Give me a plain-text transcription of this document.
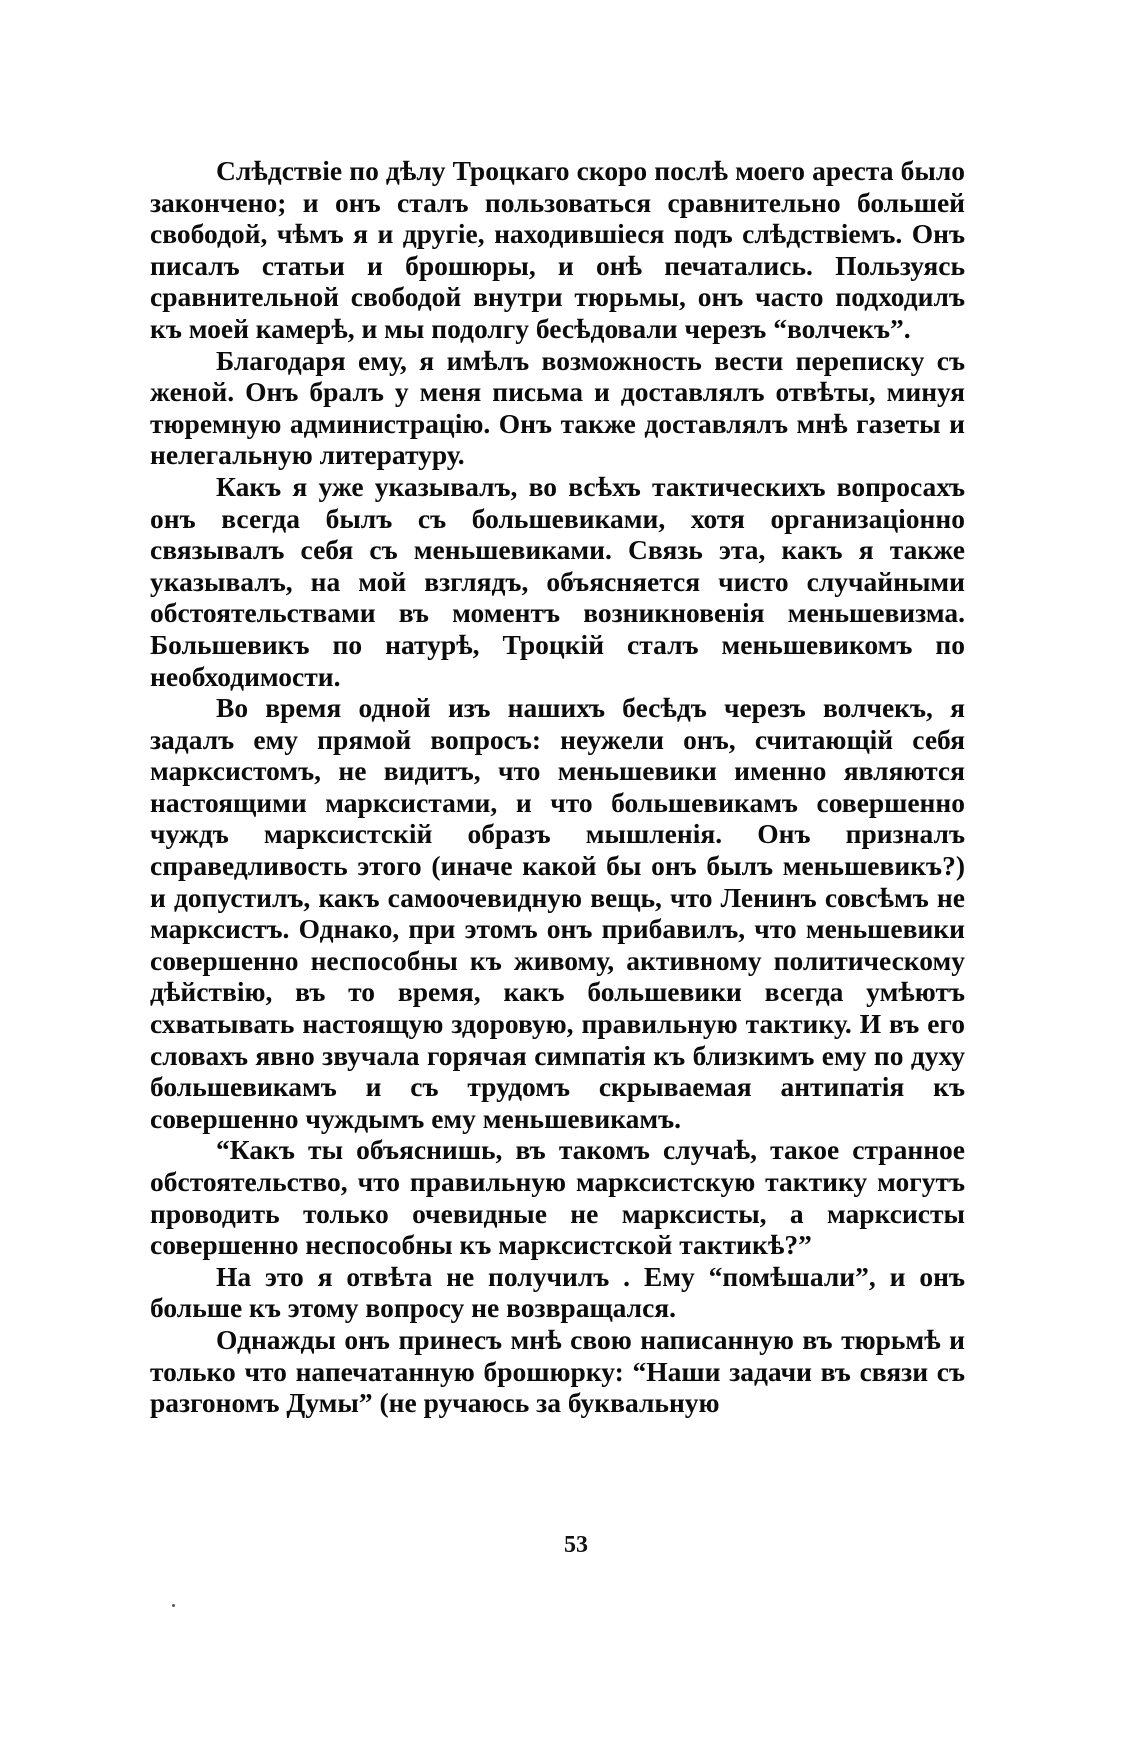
Слѣдствіе по дѣлу Троцкаго скоро послѣ моего ареста было закончено; и онъ сталъ пользоваться сравнительно большей свободой, чѣмъ я и другіе, находившіеся подъ слѣдствіемъ. Онъ писалъ статьи и брошюры, и онѣ печатались. Пользуясь сравнительной свободой внутри тюрьмы, онъ часто подходилъ къ моей камерѣ, и мы подолгу бесѣдовали черезъ “волчекъ”.

Благодаря ему, я имѣлъ возможность вести переписку съ женой. Онъ бралъ у меня письма и доставлялъ отвѣты, минуя тюремную администрацію. Онъ также доставлялъ мнѣ газеты и нелегальную литературу.

Какъ я уже указывалъ, во всѣхъ тактическихъ вопросахъ онъ всегда былъ съ большевиками, хотя организаціонно связывалъ себя съ меньшевиками. Связь эта, какъ я также указывалъ, на мой взглядъ, объясняется чисто случайными обстоятельствами въ моментъ возникновенія меньшевизма. Большевикъ по натурѣ, Троцкій сталъ меньшевикомъ по необходимости.

Во время одной изъ нашихъ бесѣдъ черезъ волчекъ, я задалъ ему прямой вопросъ: неужели онъ, считающій себя марксистомъ, не видитъ, что меньшевики именно являются настоящими марксистами, и что большевикамъ совершенно чуждъ марксистскій образъ мышленія. Онъ призналъ справедливость этого (иначе какой бы онъ былъ меньшевикъ?) и допустилъ, какъ самоочевидную вещь, что Ленинъ совсѣмъ не марксистъ. Однако, при этомъ онъ прибавилъ, что меньшевики совершенно неспособны къ живому, активному политическому дѣйствію, въ то время, какъ большевики всегда умѣютъ схватывать настоящую здоровую, правильную тактику. И въ его словахъ явно звучала горячая симпатія къ близкимъ ему по духу большевикамъ и съ трудомъ скрываемая антипатія къ совершенно чуждымъ ему меньшевикамъ.

“Какъ ты объяснишь, въ такомъ случаѣ, такое странное обстоятельство, что правильную марксистскую тактику могутъ проводить только очевидные не марксисты, а марксисты совершенно неспособны къ марксистской тактикѣ?”

На это я отвѣта не получилъ . Ему “помѣшали”, и онъ больше къ этому вопросу не возвращался.

Однажды онъ принесъ мнѣ свою написанную въ тюрьмѣ и только что напечатанную брошюрку: “Наши задачи въ связи съ разгономъ Думы” (не ручаюсь за буквальную

53
